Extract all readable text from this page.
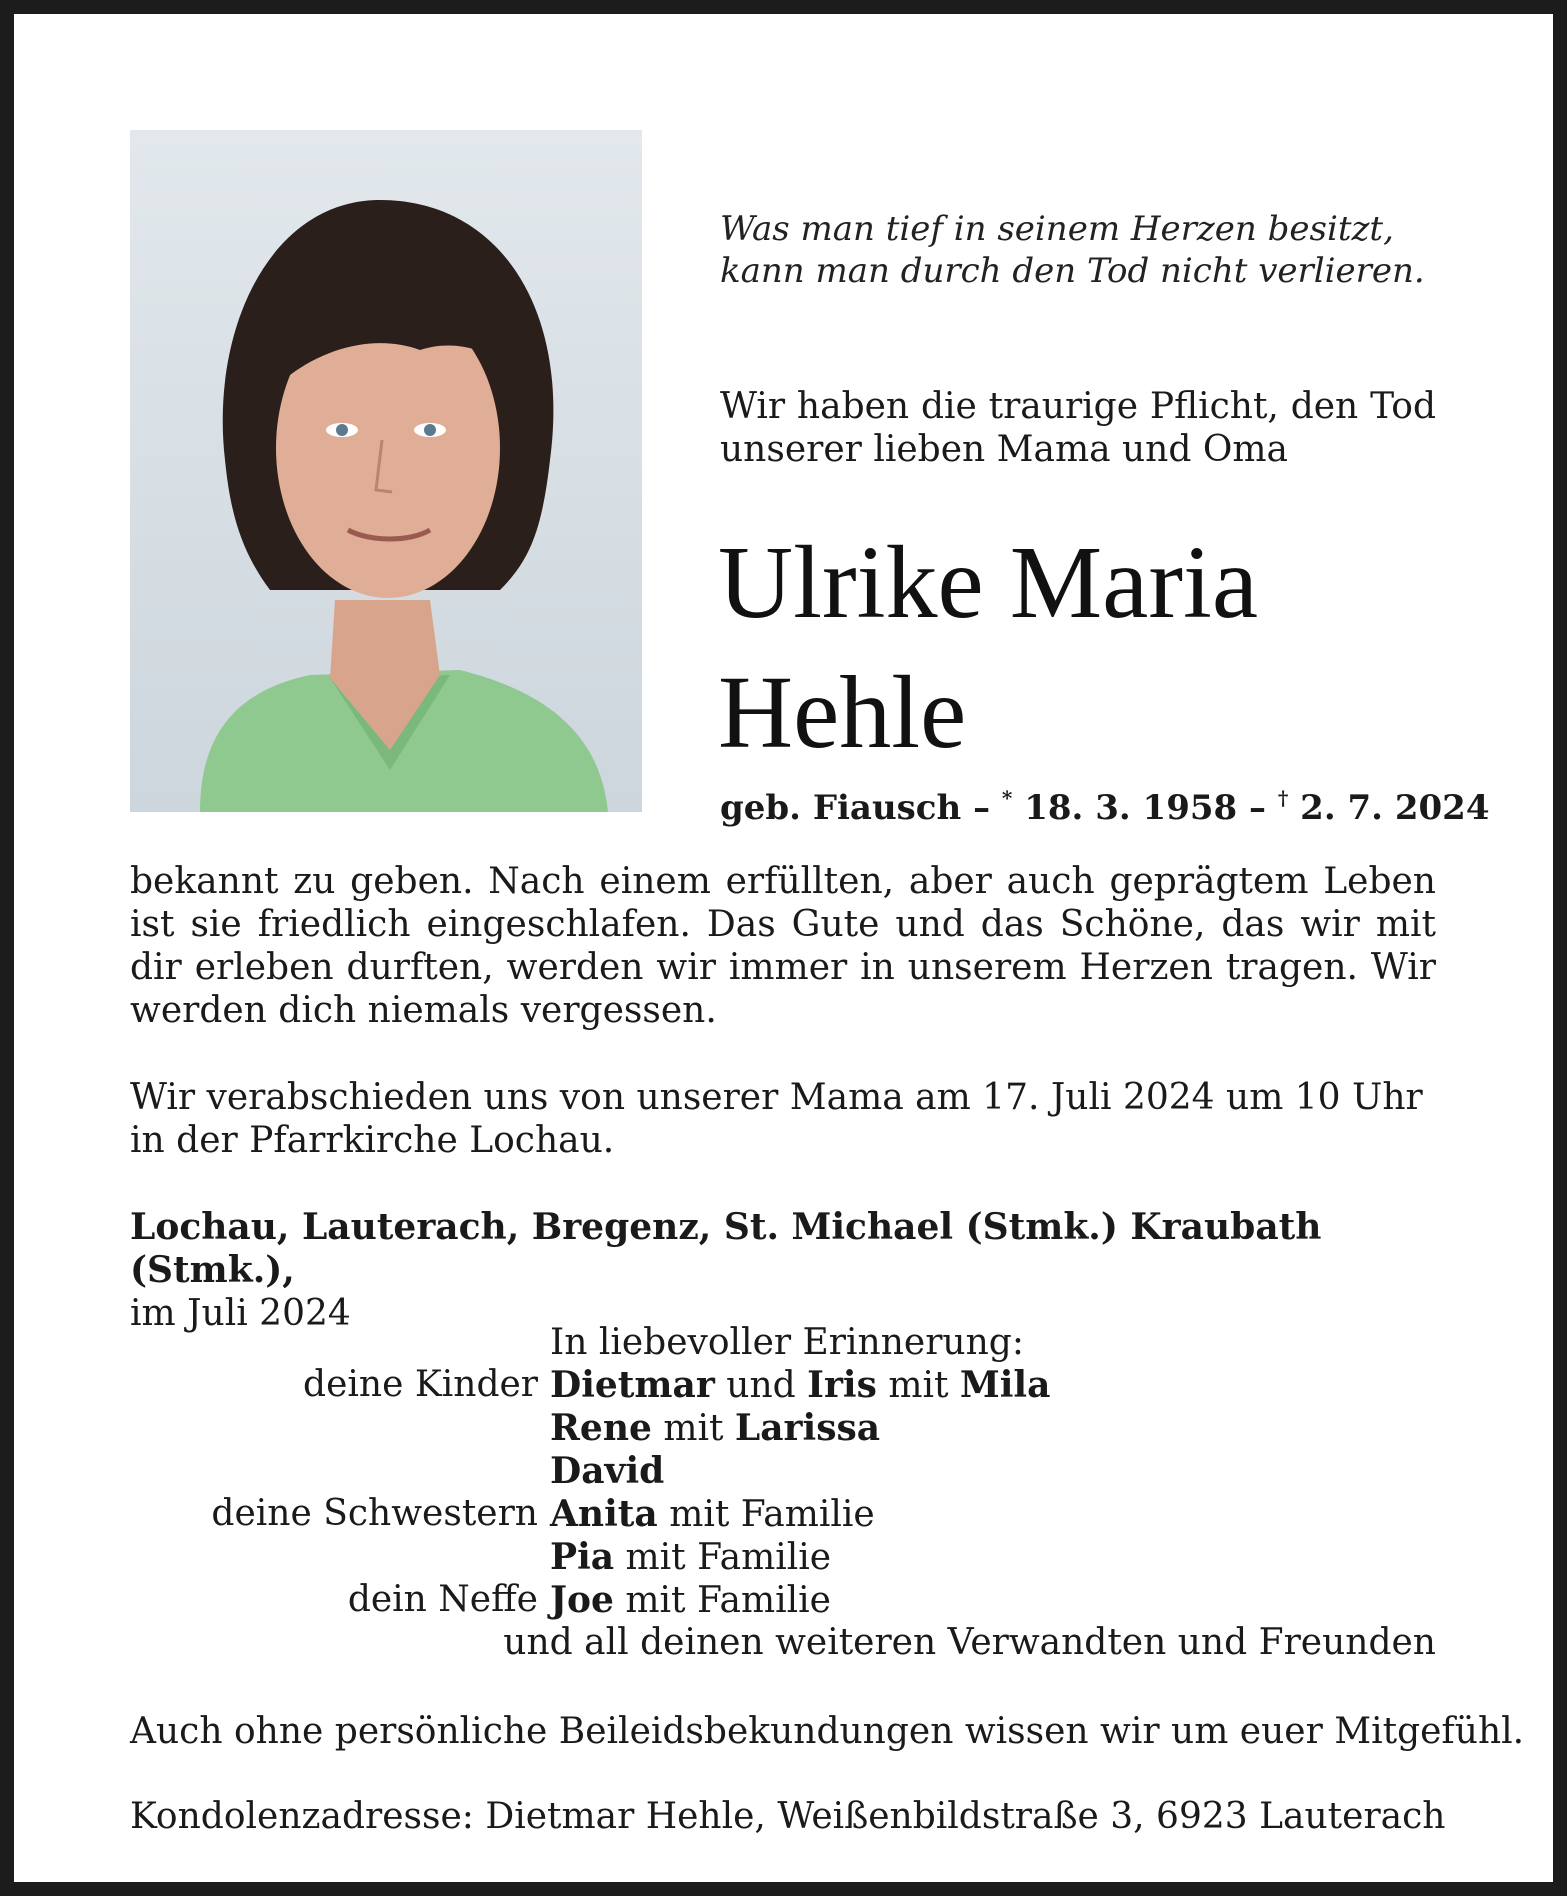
Was man tief in seinem Herzen besitzt,
kann man durch den Tod nicht verlieren.
Wir haben die traurige Pflicht, den Tod
unserer lieben Mama und Oma
Ulrike Maria
Hehle
geb. Fiausch – * 18. 3. 1958 – † 2. 7. 2024

bekannt zu geben. Nach einem erfüllten, aber auch geprägtem Leben ist sie friedlich eingeschlafen. Das Gute und das Schöne, das wir mit dir erleben durften, werden wir immer in unserem Herzen tragen. Wir werden dich niemals vergessen.

Wir verabschieden uns von unserer Mama am 17. Juli 2024 um 10 Uhr in der Pfarrkirche Lochau.

Lochau, Lauterach, Bregenz, St. Michael (Stmk.) Kraubath (Stmk.),
im Juli 2024

In liebevoller Erinnerung:
deine Kinder Dietmar und Iris mit Mila
Rene mit Larissa
David
deine Schwestern Anita mit Familie
Pia mit Familie
dein Neffe Joe mit Familie
und all deinen weiteren Verwandten und Freunden
Auch ohne persönliche Beileidsbekundungen wissen wir um euer Mitgefühl.
Kondolenzadresse: Dietmar Hehle, Weißenbildstraße 3, 6923 Lauterach
